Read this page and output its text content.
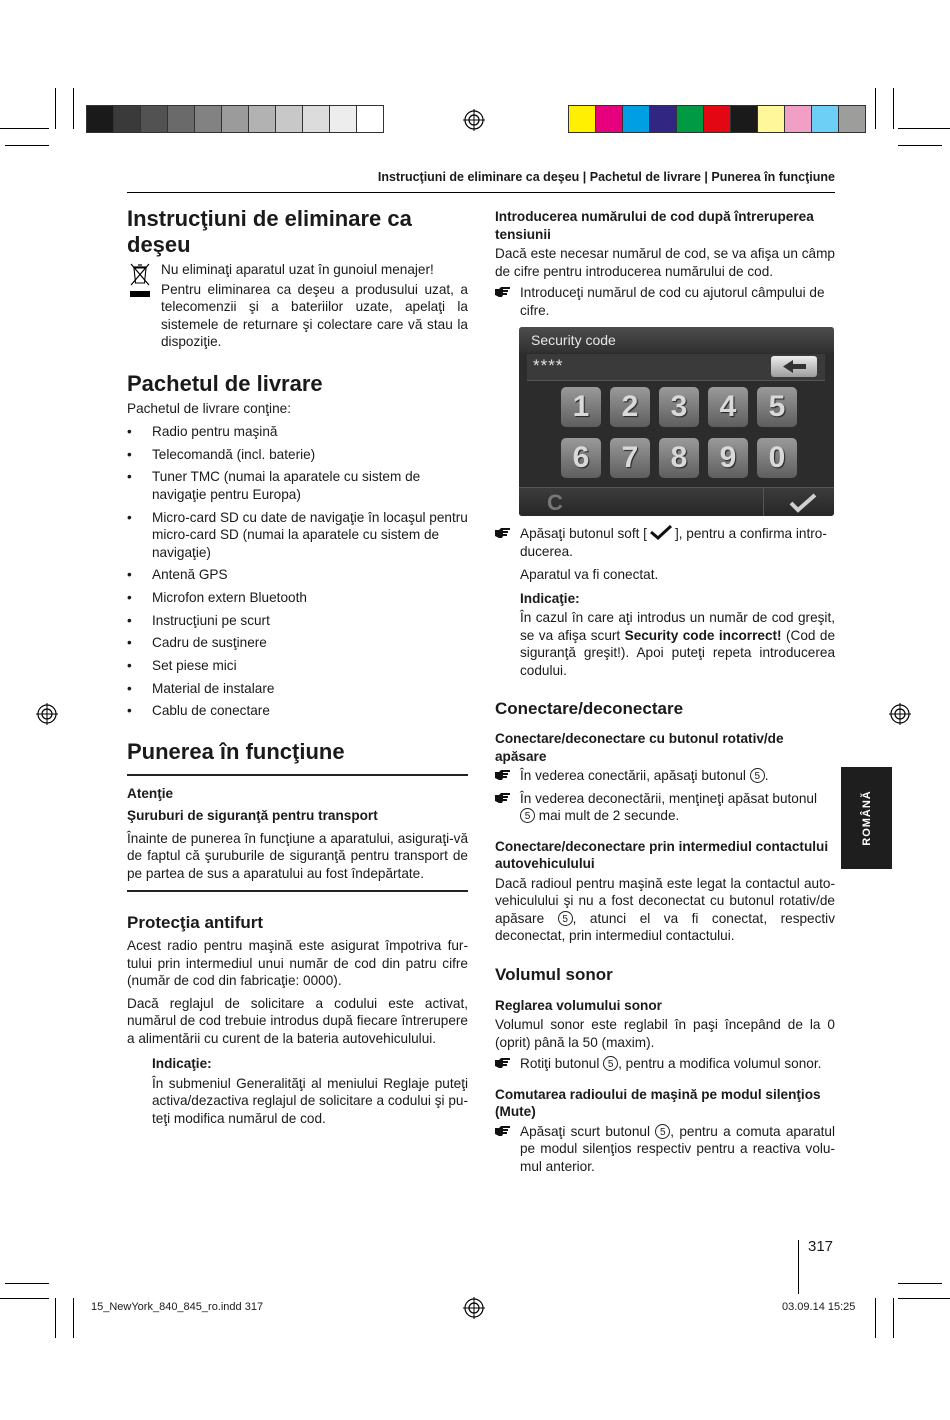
Instrucţiuni de eliminare ca deşeu | Pachetul de livrare | Punerea în funcţiune
Instrucţiuni de eliminare ca deşeu

Nu eliminaţi aparatul uzat în gunoiul menajer!

Pentru eliminarea ca deşeu a produsului uzat, a telecomenzii şi a bateriilor uzate, apelaţi la sistemele de returnare şi colectare care vă stau la dispoziţie.

Pachetul de livrare

Pachetul de livrare conţine:

• Radio pentru maşină
• Telecomandă (incl. baterie)
• Tuner TMC (numai la aparatele cu sistem de navigaţie pentru Europa)
• Micro-card SD cu date de navigaţie în locaşul pentru micro-card SD (numai la aparatele cu sistem de navigaţie)
• Antenă GPS
• Microfon extern Bluetooth
• Instrucţiuni pe scurt
• Cadru de susţinere
• Set piese mici
• Material de instalare
• Cablu de conectare
Punerea în funcţiune

Atenţie

Şuruburi de siguranţă pentru transport

Înainte de punerea în funcţiune a aparatului, asiguraţi-vă de faptul că şuruburile de siguranţă pentru transport de pe partea de sus a aparatului au fost îndepărtate.

Protecţia antifurt

Acest radio pentru maşină este asigurat împotriva furtului prin intermediul unui număr de cod din patru cifre (număr de cod din fabricaţie: 0000).

Dacă reglajul de solicitare a codului este activat, numărul de cod trebuie introdus după fiecare întrerupere a alimentării cu curent de la bateria autovehiculului.

Indicaţie:

În submeniul Generalităţi al meniului Reglaje puteţi activa/dezactiva reglajul de solicitare a codului şi puteţi modifica numărul de cod.

Introducerea numărului de cod după întreruperea tensiunii

Dacă este necesar numărul de cod, se va afişa un câmp de cifre pentru introducerea numărului de cod.

Introduceţi numărul de cod cu ajutorul câmpului de cifre.
Security code
****
1	2	3	4	5
6	7	8	9	0
C
Apăsaţi butonul soft [ ], pentru a confirma introducerea.

Aparatul va fi conectat.

Indicaţie:

În cazul în care aţi introdus un număr de cod greşit, se va afişa scurt Security code incorrect! (Cod de siguranţă greşit!). Apoi puteţi repeta introducerea codului.

Conectare/deconectare

Conectare/deconectare cu butonul rotativ/de apăsare

În vederea conectării, apăsaţi butonul 5 .
În vederea deconectării, menţineţi apăsat butonul 5 mai mult de 2 secunde.

Conectare/deconectare prin intermediul contactului autovehiculului

Dacă radioul pentru maşină este legat la contactul autovehiculului şi nu a fost deconectat cu butonul rotativ/de apăsare 5 , atunci el va fi conectat, respectiv deconectat, prin intermediul contactului.

Volumul sonor

Reglarea volumului sonor

Volumul sonor este reglabil în paşi începând de la 0 (oprit) până la 50 (maxim).

Rotiţi butonul 5 , pentru a modifica volumul sonor.

Comutarea radioului de maşină pe modul silenţios (Mute)

Apăsaţi scurt butonul 5 , pentru a comuta aparatul pe modul silenţios respectiv pentru a reactiva volumul anterior.
ROMÂNĂ
317
15_NewYork_840_845_ro.indd 317	03.09.14 15:25
